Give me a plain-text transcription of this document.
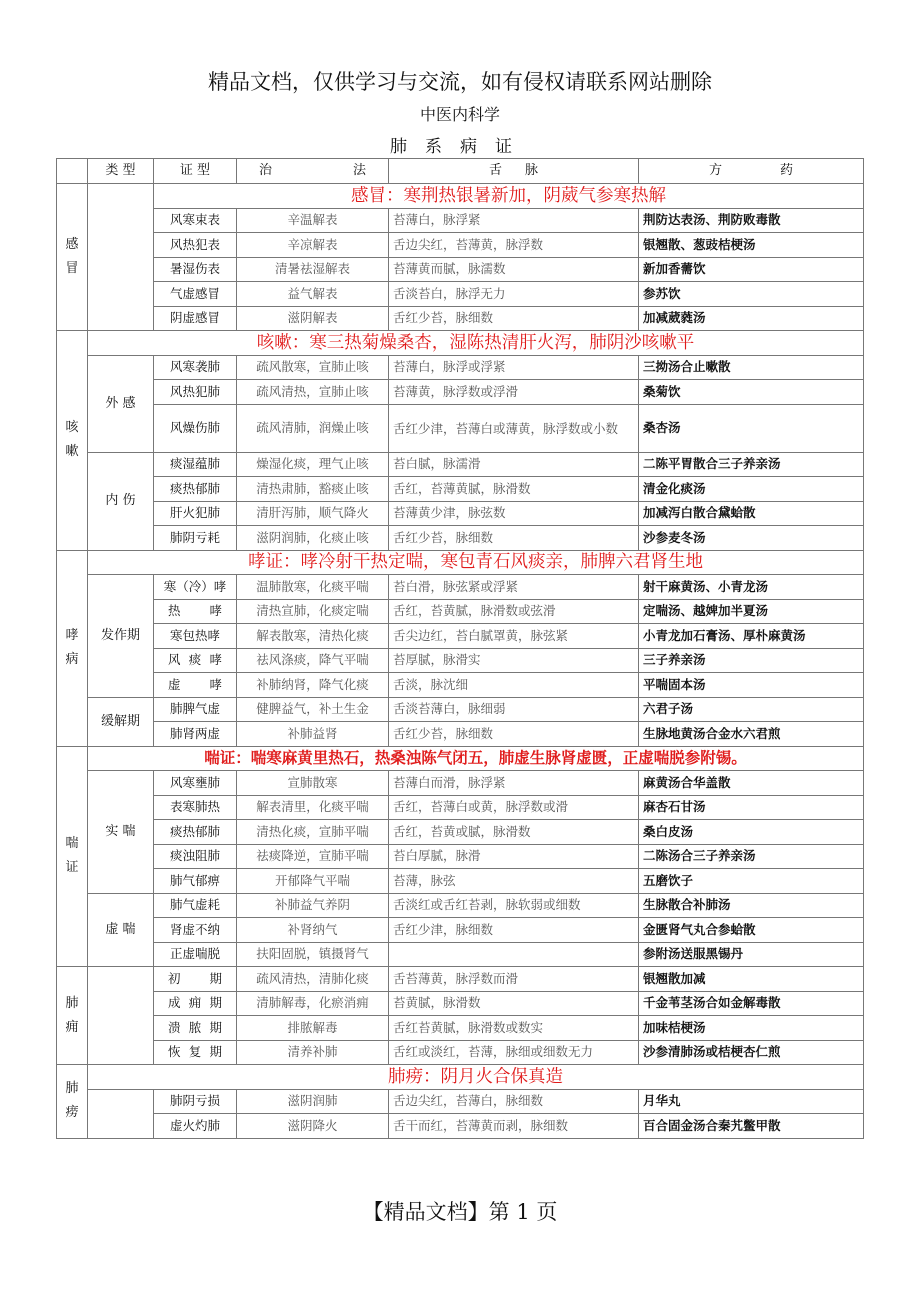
精品文档，仅供学习与交流，如有侵权请联系网站删除
中医内科学
肺系病证
	类 型	证 型	治 法	舌 脉	方 药
感冒		感冒：寒荆热银暑新加，阴葳气参寒热解			
		风寒束表	辛温解表	苔薄白，脉浮紧	荆防达表汤、荆防败毒散
		风热犯表	辛凉解表	舌边尖红，苔薄黄，脉浮数	银翘散、葱豉桔梗汤
		暑湿伤表	清暑祛湿解表	苔薄黄而腻，脉濡数	新加香薷饮
		气虚感冒	益气解表	舌淡苔白，脉浮无力	参苏饮
		阴虚感冒	滋阴解表	舌红少苔，脉细数	加减葳蕤汤
咳嗽	咳嗽：寒三热菊燥桑杏，湿陈热清肝火泻，肺阴沙咳嗽平				
	外 感	风寒袭肺	疏风散寒，宣肺止咳	苔薄白，脉浮或浮紧	三拗汤合止嗽散
		风热犯肺	疏风清热，宣肺止咳	苔薄黄，脉浮数或浮滑	桑菊饮
		风燥伤肺	疏风清肺，润燥止咳	舌红少津，苔薄白或薄黄，脉浮数或小数	桑杏汤
	内 伤	痰湿蕴肺	燥湿化痰，理气止咳	苔白腻，脉濡滑	二陈平胃散合三子养亲汤
		痰热郁肺	清热肃肺，豁痰止咳	舌红，苔薄黄腻，脉滑数	清金化痰汤
		肝火犯肺	清肝泻肺，顺气降火	苔薄黄少津，脉弦数	加减泻白散合黛蛤散
		肺阴亏耗	滋阴润肺，化痰止咳	舌红少苔，脉细数	沙参麦冬汤
哮病	哮证：哮冷射干热定喘，寒包青石风痰亲，肺脾六君肾生地				
	发作期	寒（冷）哮	温肺散寒，化痰平喘	苔白滑，脉弦紧或浮紧	射干麻黄汤、小青龙汤
		热 哮	清热宣肺，化痰定喘	舌红，苔黄腻，脉滑数或弦滑	定喘汤、越婢加半夏汤
		寒包热哮	解表散寒，清热化痰	舌尖边红，苔白腻罩黄，脉弦紧	小青龙加石膏汤、厚朴麻黄汤
		风 痰 哮	祛风涤痰，降气平喘	苔厚腻，脉滑实	三子养亲汤
		虚 哮	补肺纳肾，降气化痰	舌淡，脉沈细	平喘固本汤
	缓解期	肺脾气虚	健脾益气，补土生金	舌淡苔薄白，脉细弱	六君子汤
		肺肾两虚	补肺益肾	舌红少苔，脉细数	生脉地黄汤合金水六君煎
喘证	喘证：喘寒麻黄里热石，热桑浊陈气闭五，肺虚生脉肾虚匮，正虚喘脱参附锡。				
	实 喘	风寒壅肺	宣肺散寒	苔薄白而滑，脉浮紧	麻黄汤合华盖散
		表寒肺热	解表清里，化痰平喘	舌红，苔薄白或黄，脉浮数或滑	麻杏石甘汤
		痰热郁肺	清热化痰，宣肺平喘	舌红，苔黄或腻，脉滑数	桑白皮汤
		痰浊阻肺	祛痰降逆，宣肺平喘	苔白厚腻，脉滑	二陈汤合三子养亲汤
		肺气郁痹	开郁降气平喘	苔薄，脉弦	五磨饮子
	虚 喘	肺气虚耗	补肺益气养阴	舌淡红或舌红苔剥，脉软弱或细数	生脉散合补肺汤
		肾虚不纳	补肾纳气	舌红少津，脉细数	金匮肾气丸合参蛤散
		正虚喘脱	扶阳固脱，镇摄肾气		参附汤送服黑锡丹
肺痈		初 期	疏风清热，清肺化痰	舌苔薄黄，脉浮数而滑	银翘散加减
		成 痈 期	清肺解毒，化瘀消痈	苔黄腻，脉滑数	千金苇茎汤合如金解毒散
		溃 脓 期	排脓解毒	舌红苔黄腻，脉滑数或数实	加味桔梗汤
		恢 复 期	清养补肺	舌红或淡红，苔薄，脉细或细数无力	沙参清肺汤或桔梗杏仁煎
肺痨	肺痨：阴月火合保真造				
		肺阴亏损	滋阴润肺	舌边尖红，苔薄白，脉细数	月华丸
		虚火灼肺	滋阴降火	舌干而红，苔薄黄而剥，脉细数	百合固金汤合秦艽鳖甲散
【精品文档】第 1 页
